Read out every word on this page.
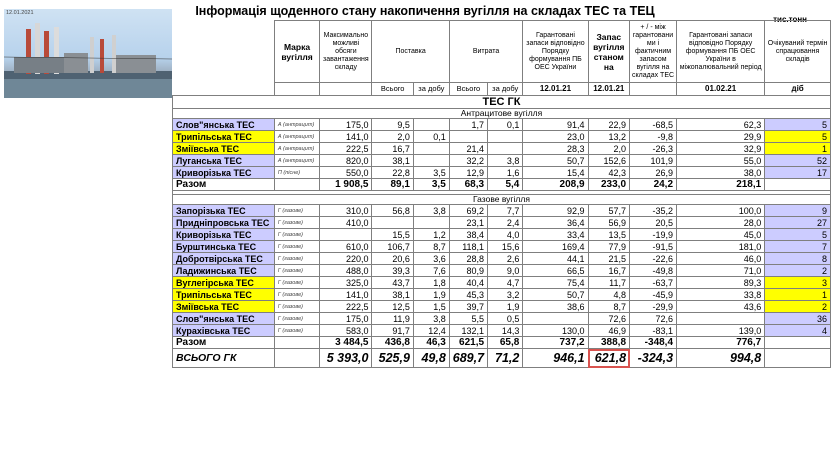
Інформація щоденного стану накопичення вугілля на складах ТЕС та ТЕЦ
тис.тонн
12.01.2021
	Марка вугілля	Максимально можливі обсяги завантаження складу	Поставка		Витрата		Гарантовані запаси відповідно Порядку формування ПБ ОЕС України	Запас вугілля станом на	+ / - між гарантовани ми і фактичним запасом вугілля на складах ТЕС	Гарантовані запаси відповідно Порядку формування ПБ ОЕС України в міжопалювальний період	Очікуваний термін спрацювання складів
			Всього	за добу	Всього	за добу	12.01.21	12.01.21		01.02.21	діб
ТЕС ГК											
Антрацитове вугілля											
Слов"янська ТЕС	А (антрацит)	175,0	9,5		1,7	0,1	91,4	22,9	-68,5	62,3	5
Трипільська ТЕС	А (антрацит)	141,0	2,0	0,1			23,0	13,2	-9,8	29,9	5
Зміївська ТЕС	А (антрацит)	222,5	16,7		21,4		28,3	2,0	-26,3	32,9	1
Луганська ТЕС	А (антрацит)	820,0	38,1		32,2	3,8	50,7	152,6	101,9	55,0	52
Криворізька ТЕС	П (пісне)	550,0	22,8	3,5	12,9	1,6	15,4	42,3	26,9	38,0	17
Разом		1 908,5	89,1	3,5	68,3	5,4	208,9	233,0	24,2	218,1	

Газове вугілля											
Запорізька ТЕС	Г (газове)	310,0	56,8	3,8	69,2	7,7	92,9	57,7	-35,2	100,0	9
Придніпровська ТЕС	Г (газове)	410,0			23,1	2,4	36,4	56,9	20,5	28,0	27
Криворізька ТЕС	Г (газове)		15,5	1,2	38,4	4,0	33,4	13,5	-19,9	45,0	5
Бурштинська ТЕС	Г (газове)	610,0	106,7	8,7	118,1	15,6	169,4	77,9	-91,5	181,0	7
Добротвірська ТЕС	Г (газове)	220,0	20,6	3,6	28,8	2,6	44,1	21,5	-22,6	46,0	8
Ладижинська ТЕС	Г (газове)	488,0	39,3	7,6	80,9	9,0	66,5	16,7	-49,8	71,0	2
Вуглегірська ТЕС	Г (газове)	325,0	43,7	1,8	40,4	4,7	75,4	11,7	-63,7	89,3	3
Трипільська ТЕС	Г (газове)	141,0	38,1	1,9	45,3	3,2	50,7	4,8	-45,9	33,8	1
Зміївська ТЕС	Г (газове)	222,5	12,5	1,5	39,7	1,9	38,6	8,7	-29,9	43,6	2
Слов"янська ТЕС	Г (газове)	175,0	11,9	3,8	5,5	0,5		72,6	72,6		36
Курахівська ТЕС	Г (газове)	583,0	91,7	12,4	132,1	14,3	130,0	46,9	-83,1	139,0	4
Разом		3 484,5	436,8	46,3	621,5	65,8	737,2	388,8	-348,4	776,7	
ВСЬОГО ГК		5 393,0	525,9	49,8	689,7	71,2	946,1	621,8	-324,3	994,8	
